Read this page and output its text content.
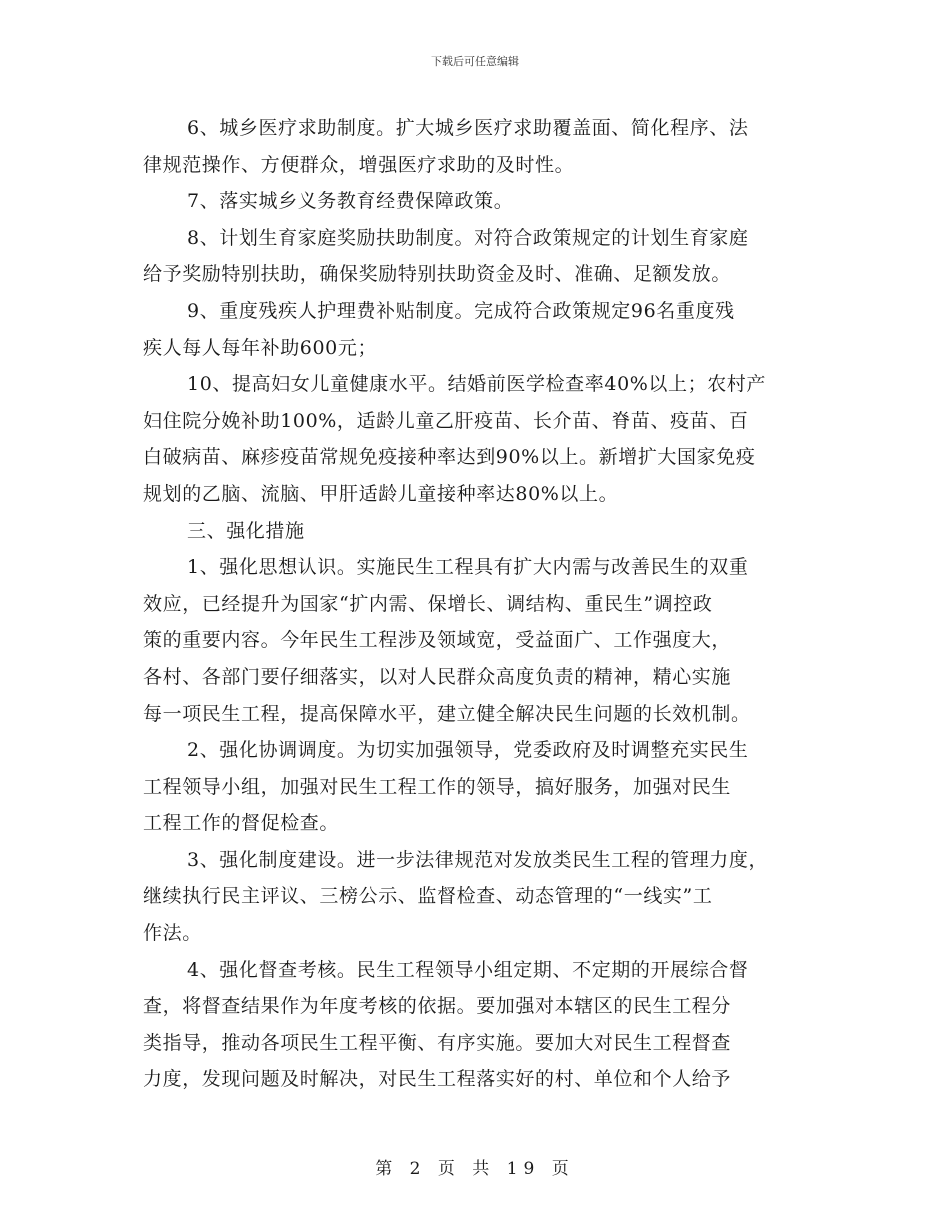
下载后可任意编辑
6、城乡医疗求助制度。扩大城乡医疗求助覆盖面、简化程序、法
律规范操作、方便群众，增强医疗求助的及时性。
7、落实城乡义务教育经费保障政策。
8、计划生育家庭奖励扶助制度。对符合政策规定的计划生育家庭
给予奖励特别扶助，确保奖励特别扶助资金及时、准确、足额发放。
9、重度残疾人护理费补贴制度。完成符合政策规定96名重度残
疾人每人每年补助600元；
10、提高妇女儿童健康水平。结婚前医学检查率40%以上；农村产
妇住院分娩补助100%，适龄儿童乙肝疫苗、长介苗、脊苗、疫苗、百
白破病苗、麻疹疫苗常规免疫接种率达到90%以上。新增扩大国家免疫
规划的乙脑、流脑、甲肝适龄儿童接种率达80%以上。
三、强化措施
1、强化思想认识。实施民生工程具有扩大内需与改善民生的双重
效应，已经提升为国家“扩内需、保增长、调结构、重民生”调控政
策的重要内容。今年民生工程涉及领域宽，受益面广、工作强度大，
各村、各部门要仔细落实，以对人民群众高度负责的精神，精心实施
每一项民生工程，提高保障水平，建立健全解决民生问题的长效机制。
2、强化协调调度。为切实加强领导，党委政府及时调整充实民生
工程领导小组，加强对民生工程工作的领导，搞好服务，加强对民生
工程工作的督促检查。
3、强化制度建设。进一步法律规范对发放类民生工程的管理力度，
继续执行民主评议、三榜公示、监督检查、动态管理的“一线实”工
作法。
4、强化督查考核。民生工程领导小组定期、不定期的开展综合督
查，将督查结果作为年度考核的依据。要加强对本辖区的民生工程分
类指导，推动各项民生工程平衡、有序实施。要加大对民生工程督查
力度，发现问题及时解决，对民生工程落实好的村、单位和个人给予
第 2 页 共 19 页
